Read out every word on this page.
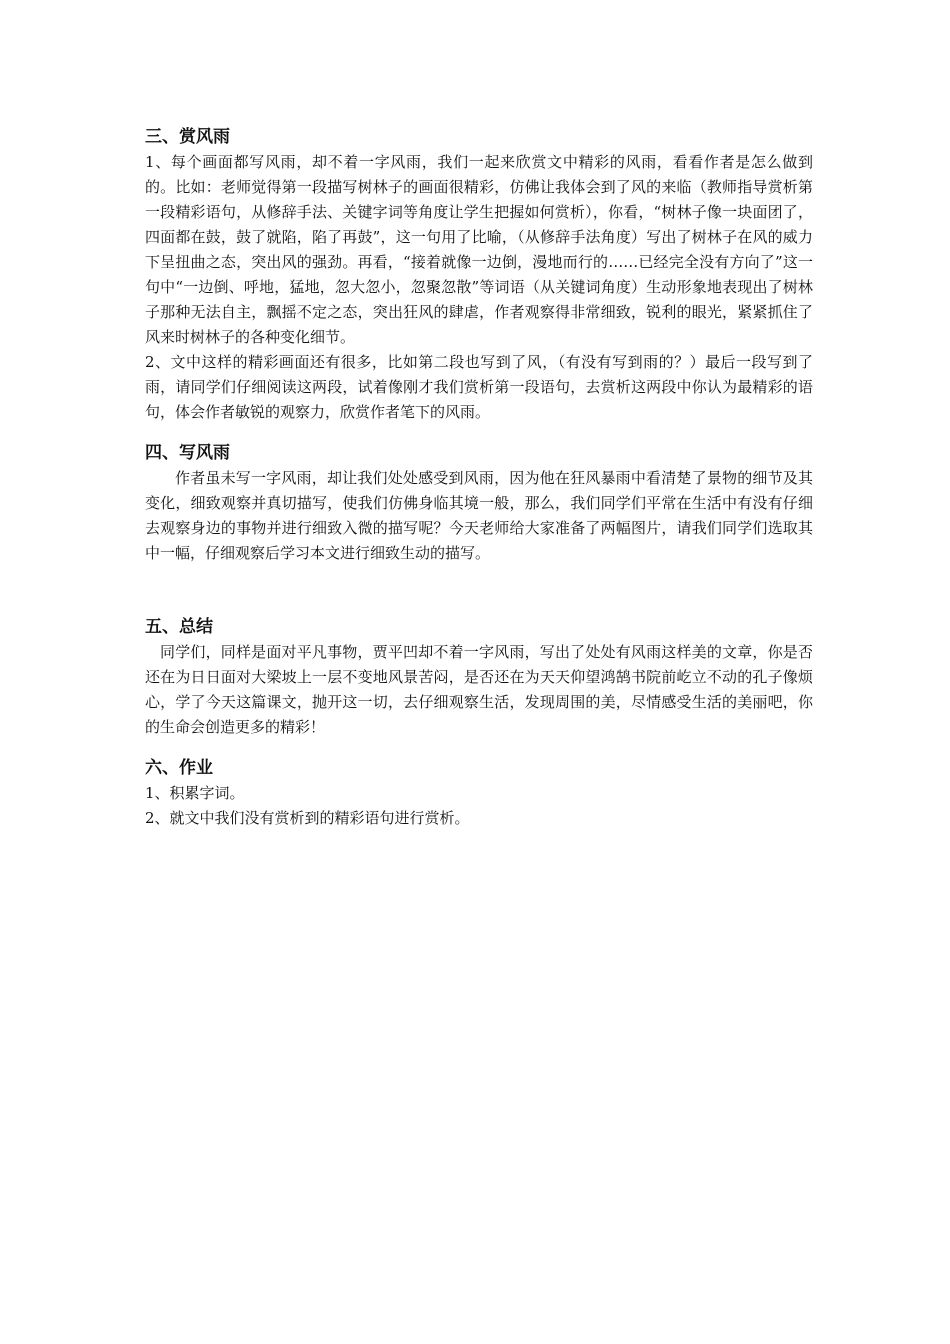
三、赏风雨

1、每个画面都写风雨，却不着一字风雨，我们一起来欣赏文中精彩的风雨，看看作者是怎么做到的。比如：老师觉得第一段描写树林子的画面很精彩，仿佛让我体会到了风的来临（教师指导赏析第一段精彩语句，从修辞手法、关键字词等角度让学生把握如何赏析），你看，“树林子像一块面团了，四面都在鼓，鼓了就陷，陷了再鼓”，这一句用了比喻，（从修辞手法角度）写出了树林子在风的威力下呈扭曲之态，突出风的强劲。再看，“接着就像一边倒，漫地而行的……已经完全没有方向了”这一句中“一边倒、呼地，猛地，忽大忽小，忽聚忽散”等词语（从关键词角度）生动形象地表现出了树林子那种无法自主，飘摇不定之态，突出狂风的肆虐，作者观察得非常细致，锐利的眼光，紧紧抓住了风来时树林子的各种变化细节。

2、文中这样的精彩画面还有很多，比如第二段也写到了风，（有没有写到雨的？）最后一段写到了雨，请同学们仔细阅读这两段，试着像刚才我们赏析第一段语句，去赏析这两段中你认为最精彩的语句，体会作者敏锐的观察力，欣赏作者笔下的风雨。

四、写风雨

作者虽未写一字风雨，却让我们处处感受到风雨，因为他在狂风暴雨中看清楚了景物的细节及其变化，细致观察并真切描写，使我们仿佛身临其境一般，那么，我们同学们平常在生活中有没有仔细去观察身边的事物并进行细致入微的描写呢？今天老师给大家准备了两幅图片，请我们同学们选取其中一幅，仔细观察后学习本文进行细致生动的描写。

五、总结

同学们，同样是面对平凡事物，贾平凹却不着一字风雨，写出了处处有风雨这样美的文章，你是否还在为日日面对大梁坡上一层不变地风景苦闷，是否还在为天天仰望鸿鹄书院前屹立不动的孔子像烦心，学了今天这篇课文，抛开这一切，去仔细观察生活，发现周围的美，尽情感受生活的美丽吧，你的生命会创造更多的精彩！

六、作业

1、积累字词。

2、就文中我们没有赏析到的精彩语句进行赏析。
